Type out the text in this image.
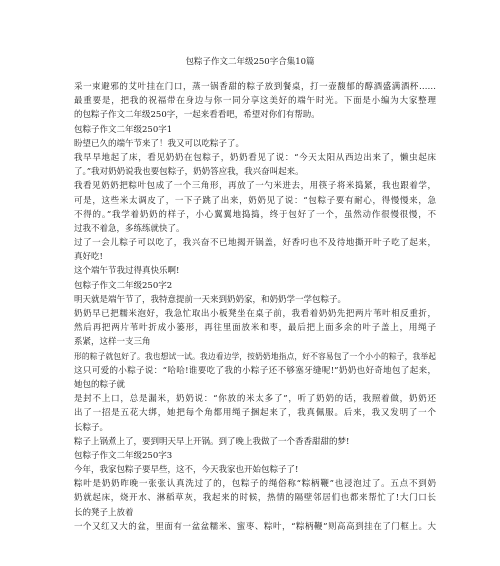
包粽子作文二年级250字合集10篇
采一束避邪的艾叶挂在门口，蒸一锅香甜的粽子放到餐桌，打一壶馥郁的醇酒盛满酒杯……
最重要是，把我的祝福带在身边与你一同分享这美好的端午时光。下面是小编为大家整理
的包粽子作文二年级250字，一起来看看吧，希望对你们有帮助。
包粽子作文二年级250字1
盼望已久的端午节来了！我又可以吃粽子了。
我早早地起了床，看见奶奶在包粽子，奶奶看见了说：“今天太阳从西边出来了，懒虫起床
了。”我对奶奶说我也要包粽子，奶奶答应我，我兴奋叫起来。
我看见奶奶把粽叶包成了一个三角形，再放了一勺米进去，用筷子将米捣紧，我也跟着学，
可是，这些米太调皮了，一下子跳了出来，奶奶见了说：“包粽子要有耐心，得慢慢来，急
不得的。”我学着奶奶的样子，小心翼翼地捣捣，终于包好了一个，虽然动作很慢很慢，不
过我不着急，多练练就快了。
过了一会儿粽子可以吃了，我兴奋不已地揭开锅盖，好香叼也不及待地撕开叶子吃了起来，
真好吃!
这个端午节我过得真快乐啊!
包粽子作文二年级250字2
明天就是端午节了，我特意提前一天来到奶奶家，和奶奶学一学包粽子。
奶奶早已把糯米泡好，我急忙取出小板凳坐在桌子前，我看着奶奶先把两片苇叶相反重折，
然后再把两片苇叶折成小篓形，再往里面放米和枣，最后把上面多余的叶子盖上，用绳子
系紧，这样一支三角
形的粽子就包好了。我也想试一试。我边看边学，按奶奶地指点，好不容易包了一个小小的粽子，我举起
这只可爱的小粽子说：“哈哈!谁要吃了我的小粽子还不够塞牙缝呢!”奶奶也好奇地包了起来，
她包的粽子就
是封不上口，总是漏米，奶奶说：“你放的米太多了”，听了奶奶的话，我照着做，奶奶还
出了一招是五花大绑，她把每个角都用绳子捆起来了，我真佩服。后来，我又发明了一个
长粽子。
粽子上锅煮上了，要到明天早上开锅。到了晚上我做了一个香香甜甜的梦!
包粽子作文二年级250字3
今年，我家包粽子要早些，这不，今天我家也开始包粽子了!
粽叶是奶奶昨晚一张张认真洗过了的，包粽子的绳俗称“粽柄鞭”也浸泡过了。五点不到奶
奶就起床，烧开水、淋稻草灰，我起来的时候，热情的隔壁邻居们也都来帮忙了!大门口长
长的凳子上放着
一个又红又大的盆，里面有一盆盆糯米、蜜枣、粽叶，“粽柄鞭”则高高到挂在了门框上。大
